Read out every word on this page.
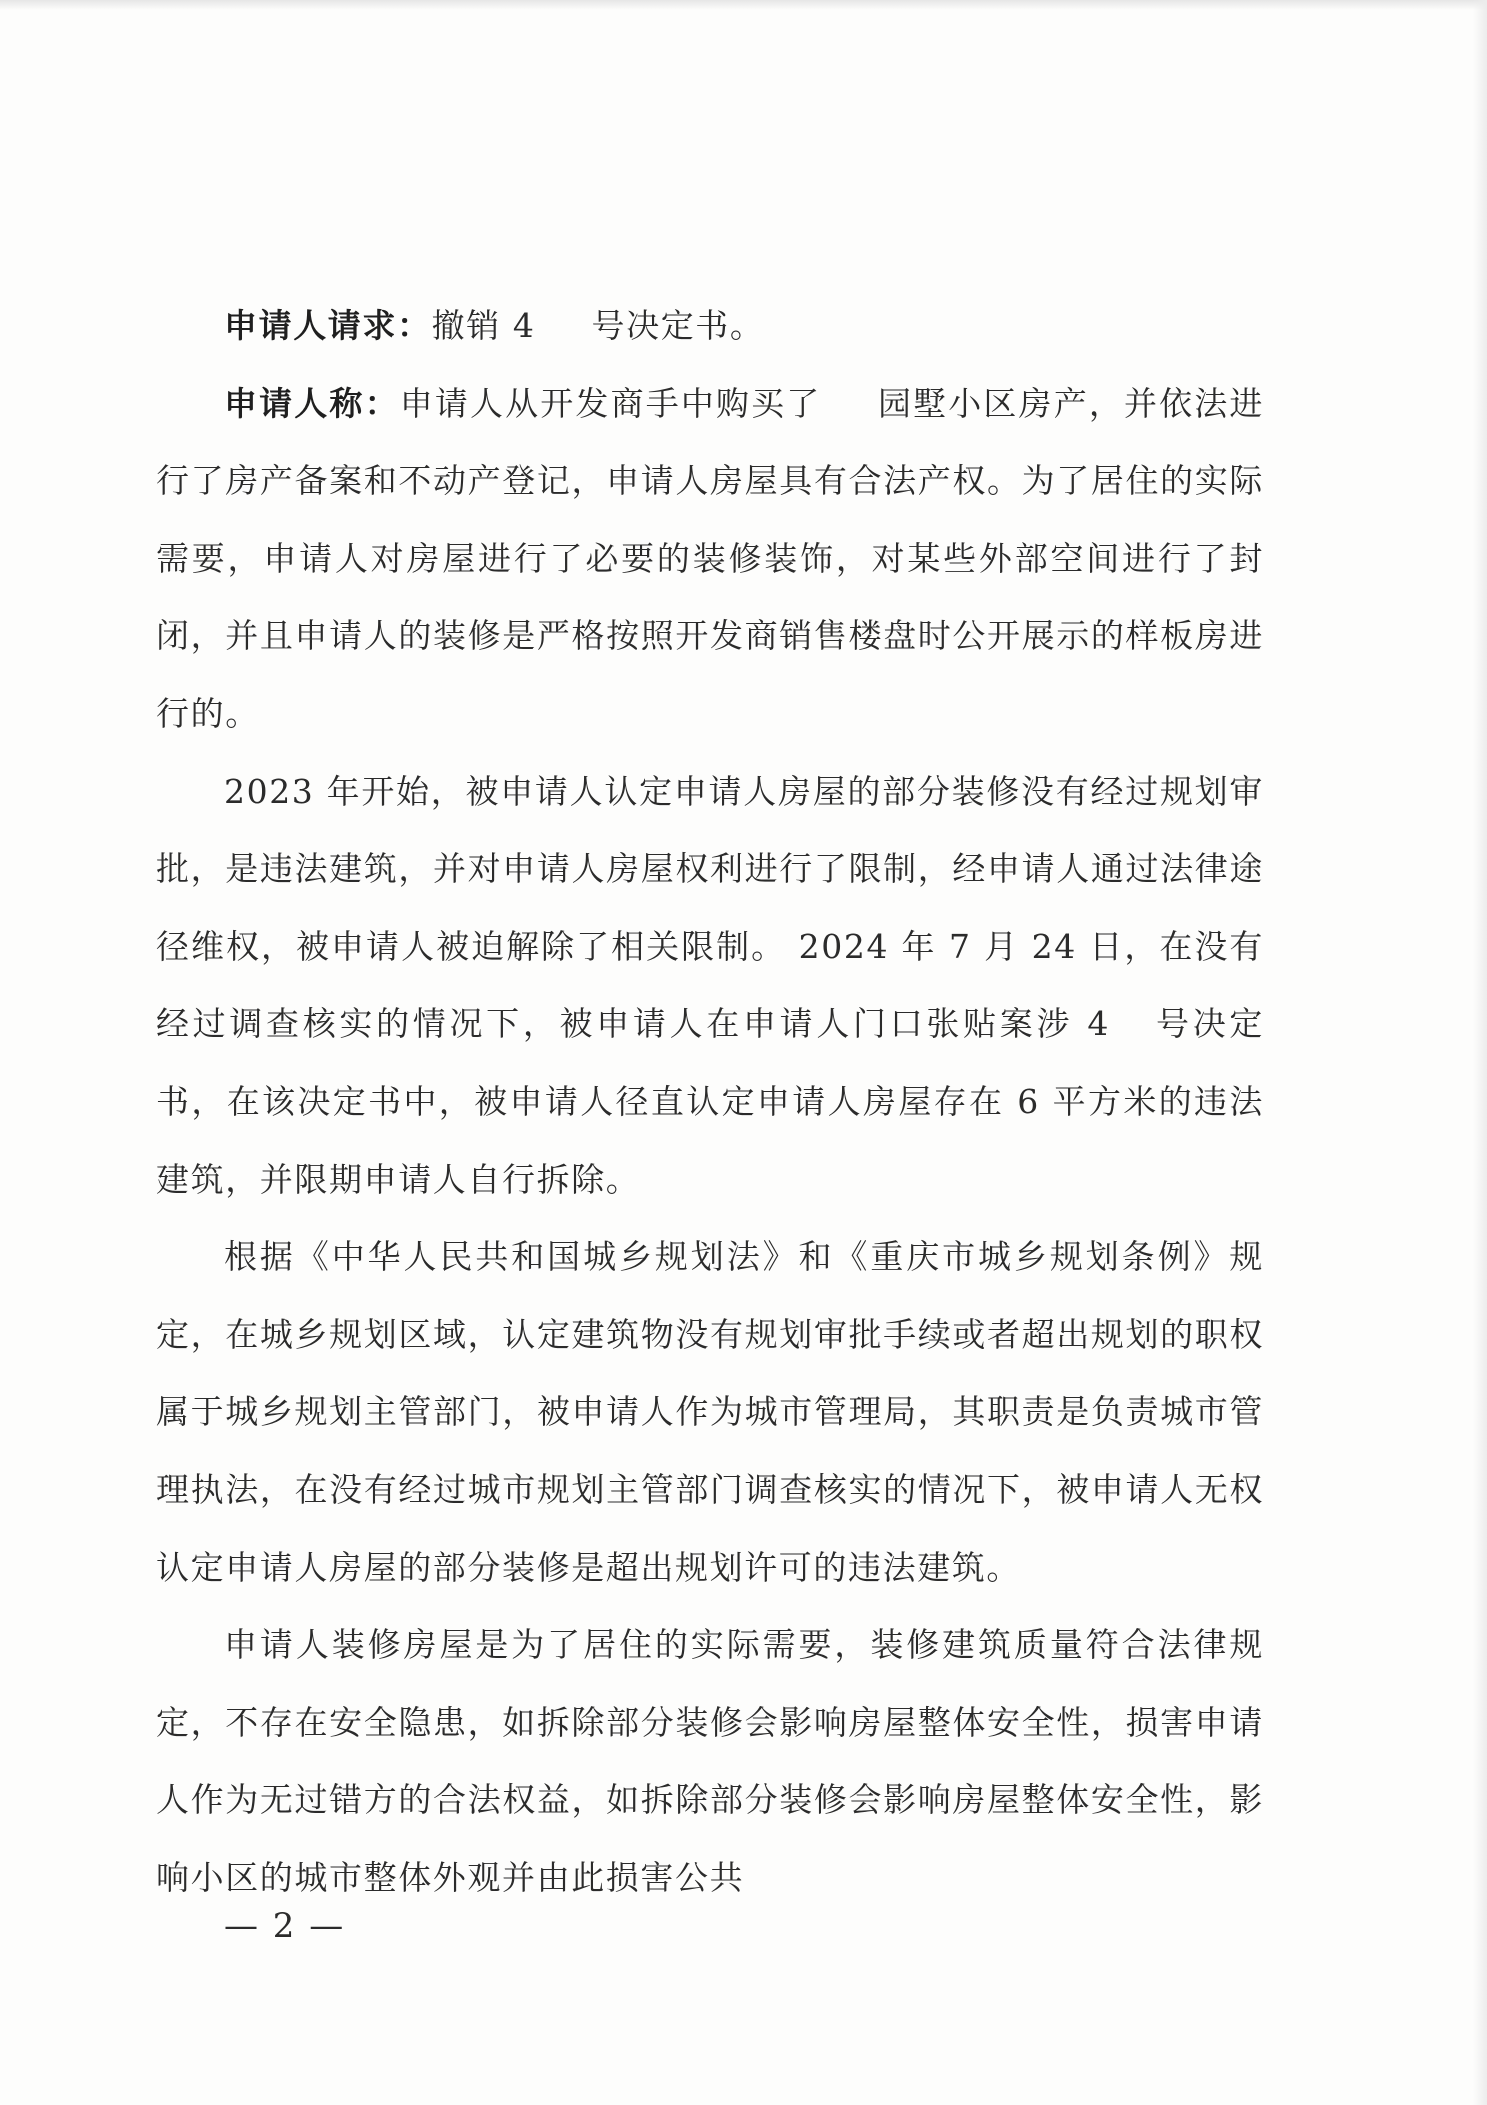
申请人请求：撤销 4 号决定书。

申请人称：申请人从开发商手中购买了 园墅小区房产，并依法进行了房产备案和不动产登记，申请人房屋具有合法产权。为了居住的实际需要，申请人对房屋进行了必要的装修装饰，对某些外部空间进行了封闭，并且申请人的装修是严格按照开发商销售楼盘时公开展示的样板房进行的。

2023 年开始，被申请人认定申请人房屋的部分装修没有经过规划审批，是违法建筑，并对申请人房屋权利进行了限制，经申请人通过法律途径维权，被申请人被迫解除了相关限制。 2024 年 7 月 24 日，在没有经过调查核实的情况下，被申请人在申请人门口张贴案涉 4 号决定书，在该决定书中，被申请人径直认定申请人房屋存在 6 平方米的违法建筑，并限期申请人自行拆除。

根据《中华人民共和国城乡规划法》和《重庆市城乡规划条例》规定，在城乡规划区域，认定建筑物没有规划审批手续或者超出规划的职权属于城乡规划主管部门，被申请人作为城市管理局，其职责是负责城市管理执法，在没有经过城市规划主管部门调查核实的情况下，被申请人无权认定申请人房屋的部分装修是超出规划许可的违法建筑。

申请人装修房屋是为了居住的实际需要，装修建筑质量符合法律规定，不存在安全隐患，如拆除部分装修会影响房屋整体安全性，损害申请人作为无过错方的合法权益，如拆除部分装修会影响房屋整体安全性，影响小区的城市整体外观并由此损害公共

— 2 —
